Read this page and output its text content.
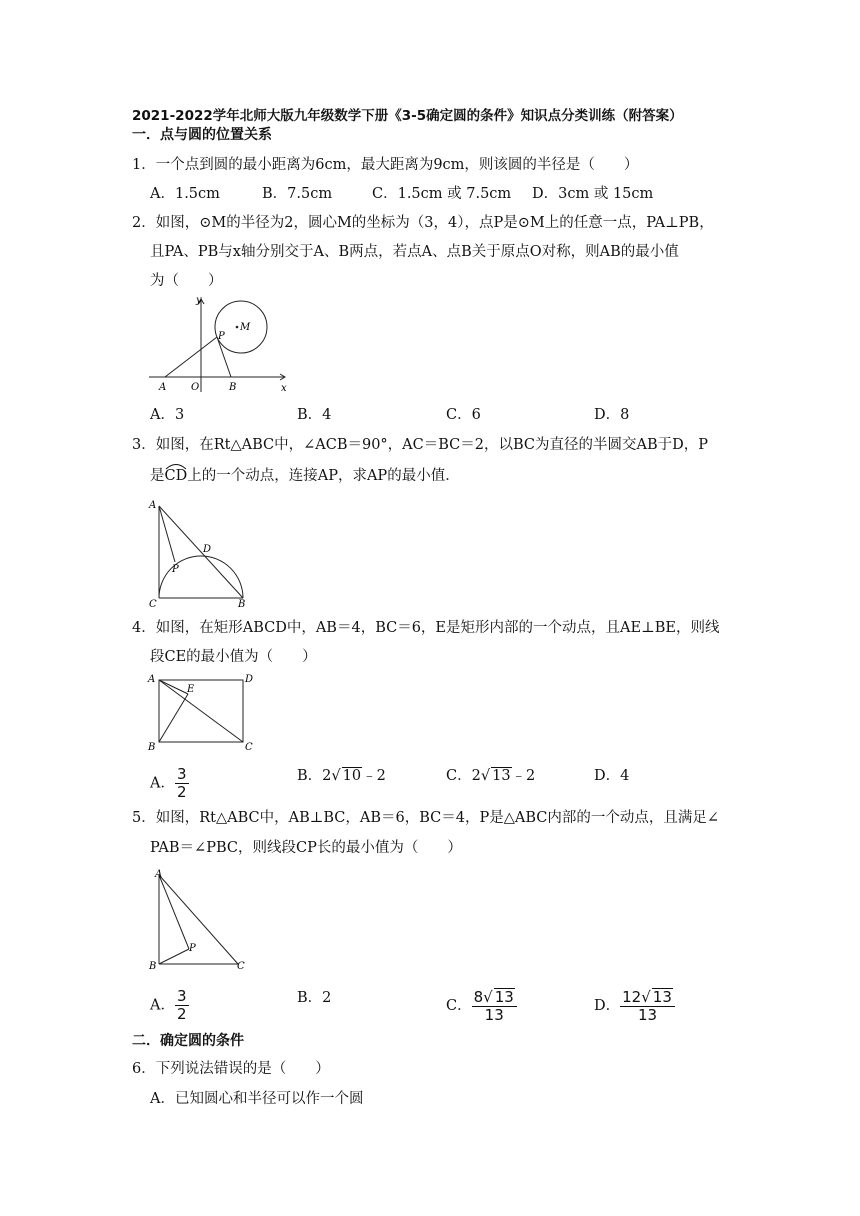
2021-2022学年北师大版九年级数学下册《3-5确定圆的条件》知识点分类训练（附答案）
一．点与圆的位置关系
1．一个点到圆的最小距离为6cm，最大距离为9cm，则该圆的半径是（　　）
A．1.5cm	B．7.5cm	C．1.5cm 或 7.5cm D．3cm 或 15cm
2．如图，⊙M的半径为2，圆心M的坐标为（3，4），点P是⊙M上的任意一点，PA⊥PB，
且PA、PB与x轴分别交于A、B两点，若点A、点B关于原点O对称，则AB的最小值
为（　　）
y
x
M
P
A O	B
A．3	B．4	C．6	D．8
3．如图，在Rt△ABC中，∠ACB＝90°，AC＝BC＝2，以BC为直径的半圆交AB于D，P
是
CD上的一个动点，连接AP，求AP的最小值．
A
D
P
C	B
4．如图，在矩形ABCD中，AB＝4，BC＝6，E是矩形内部的一个动点，且AE⊥BE，则线
段CE的最小值为（　　）
A	D
E
B	C
A． $\frac{3}{2}$	B．2√ 10﹣2	C．2√ 13﹣2	D．4
5．如图，Rt△ABC中，AB⊥BC，AB＝6，BC＝4，P是△ABC内部的一个动点，且满足∠
PAB＝∠PBC，则线段CP长的最小值为（　　）
A
P
B	C
A． $\frac{3}{2}$	B．2	C． $\frac{8√ 13}{13}$	D． $\frac{12√ 13}{13}$
二．确定圆的条件
6．下列说法错误的是（　　）
A．已知圆心和半径可以作一个圆
